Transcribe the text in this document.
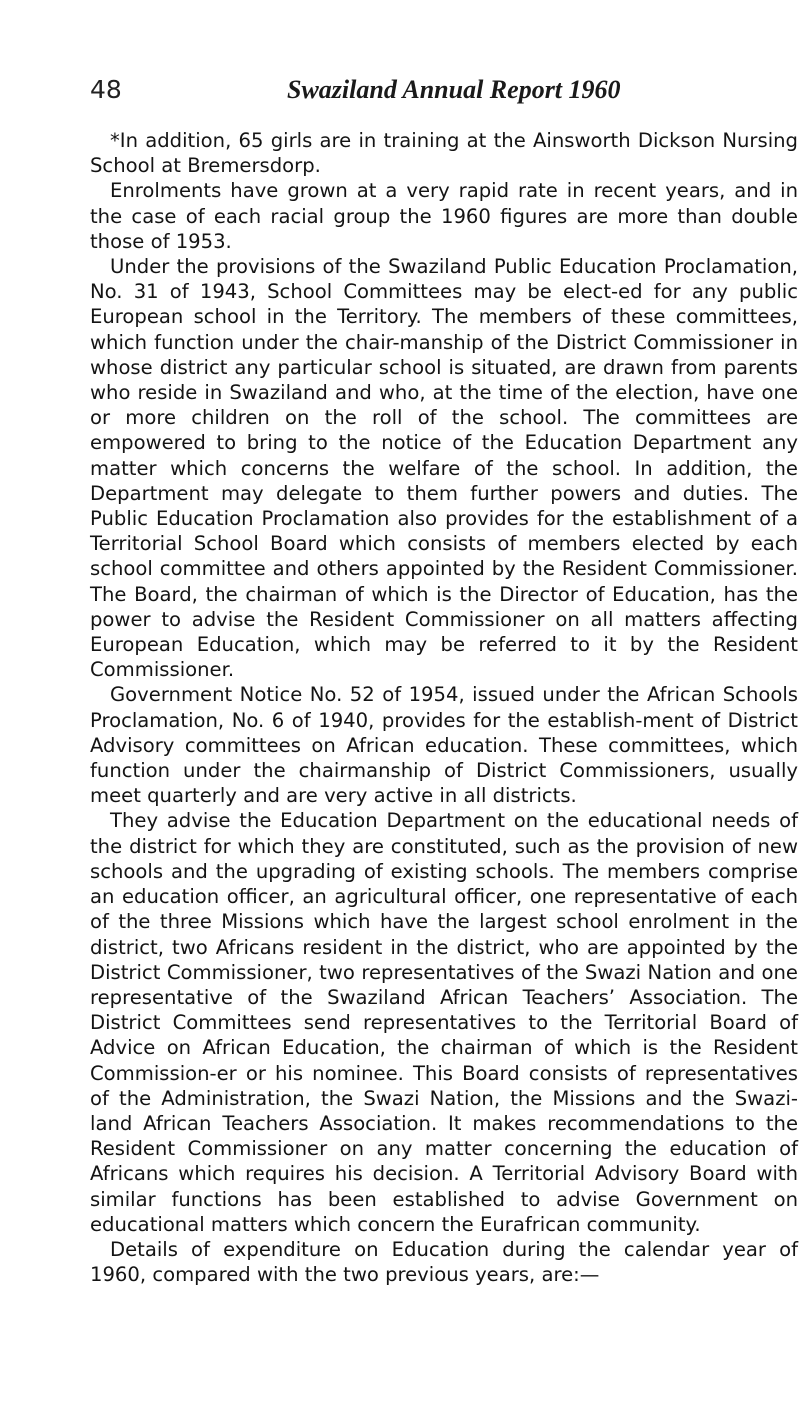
48	Swaziland Annual Report 1960

*In addition, 65 girls are in training at the Ainsworth Dickson Nursing School at Bremersdorp.

Enrolments have grown at a very rapid rate in recent years, and in the case of each racial group the 1960 figures are more than double those of 1953.

Under the provisions of the Swaziland Public Education Proclamation, No. 31 of 1943, School Committees may be elect-ed for any public European school in the Territory. The members of these committees, which function under the chair-manship of the District Commissioner in whose district any particular school is situated, are drawn from parents who reside in Swaziland and who, at the time of the election, have one or more children on the roll of the school. The committees are empowered to bring to the notice of the Education Department any matter which concerns the welfare of the school. In addition, the Department may delegate to them further powers and duties. The Public Education Proclamation also provides for the establishment of a Territorial School Board which consists of members elected by each school committee and others appointed by the Resident Commissioner. The Board, the chairman of which is the Director of Education, has the power to advise the Resident Commissioner on all matters affecting European Education, which may be referred to it by the Resident Commissioner.

Government Notice No. 52 of 1954, issued under the African Schools Proclamation, No. 6 of 1940, provides for the establish-ment of District Advisory committees on African education. These committees, which function under the chairmanship of District Commissioners, usually meet quarterly and are very active in all districts.

They advise the Education Department on the educational needs of the district for which they are constituted, such as the provision of new schools and the upgrading of existing schools. The members comprise an education officer, an agricultural officer, one representative of each of the three Missions which have the largest school enrolment in the district, two Africans resident in the district, who are appointed by the District Commissioner, two representatives of the Swazi Nation and one representative of the Swaziland African Teachers’ Association. The District Committees send representatives to the Territorial Board of Advice on African Education, the chairman of which is the Resident Commission-er or his nominee. This Board consists of representatives of the Administration, the Swazi Nation, the Missions and the Swazi-land African Teachers Association. It makes recommendations to the Resident Commissioner on any matter concerning the education of Africans which requires his decision. A Territorial Advisory Board with similar functions has been established to advise Government on educational matters which concern the Eurafrican community.

Details of expenditure on Education during the calendar year of 1960, compared with the two previous years, are:—
